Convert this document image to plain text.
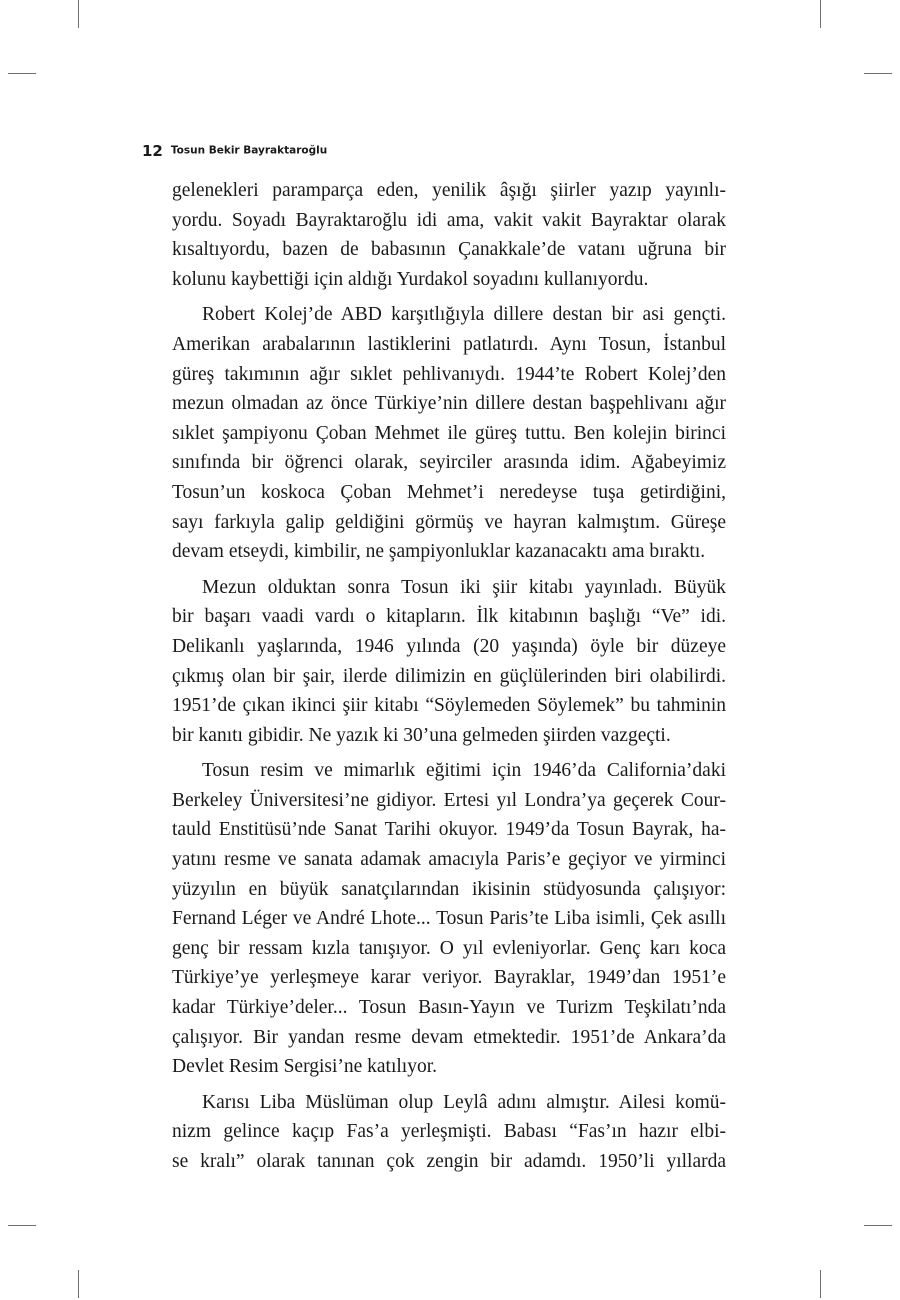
12 Tosun Bekir Bayraktaroğlu
gelenekleri paramparça eden, yenilik âşığı şiirler yazıp yayınlı-
yordu. Soyadı Bayraktaroğlu idi ama, vakit vakit Bayraktar olarak
kısaltıyordu, bazen de babasının Çanakkale’de vatanı uğruna bir
kolunu kaybettiği için aldığı Yurdakol soyadını kullanıyordu.
Robert Kolej’de ABD karşıtlığıyla dillere destan bir asi gençti.
Amerikan arabalarının lastiklerini patlatırdı. Aynı Tosun, İstanbul
güreş takımının ağır sıklet pehlivanıydı. 1944’te Robert Kolej’den
mezun olmadan az önce Türkiye’nin dillere destan başpehlivanı ağır
sıklet şampiyonu Çoban Mehmet ile güreş tuttu. Ben kolejin birinci
sınıfında bir öğrenci olarak, seyirciler arasında idim. Ağabeyimiz
Tosun’un koskoca Çoban Mehmet’i neredeyse tuşa getirdiğini,
sayı farkıyla galip geldiğini görmüş ve hayran kalmıştım. Güreşe
devam etseydi, kimbilir, ne şampiyonluklar kazanacaktı ama bıraktı.
Mezun olduktan sonra Tosun iki şiir kitabı yayınladı. Büyük
bir başarı vaadi vardı o kitapların. İlk kitabının başlığı “Ve” idi.
Delikanlı yaşlarında, 1946 yılında (20 yaşında) öyle bir düzeye
çıkmış olan bir şair, ilerde dilimizin en güçlülerinden biri olabilirdi.
1951’de çıkan ikinci şiir kitabı “Söylemeden Söylemek” bu tahminin
bir kanıtı gibidir. Ne yazık ki 30’una gelmeden şiirden vazgeçti.
Tosun resim ve mimarlık eğitimi için 1946’da California’daki
Berkeley Üniversitesi’ne gidiyor. Ertesi yıl Londra’ya geçerek Cour-
tauld Enstitüsü’nde Sanat Tarihi okuyor. 1949’da Tosun Bayrak, ha-
yatını resme ve sanata adamak amacıyla Paris’e geçiyor ve yirminci
yüzyılın en büyük sanatçılarından ikisinin stüdyosunda çalışıyor:
Fernand Léger ve André Lhote... Tosun Paris’te Liba isimli, Çek asıllı
genç bir ressam kızla tanışıyor. O yıl evleniyorlar. Genç karı koca
Türkiye’ye yerleşmeye karar veriyor. Bayraklar, 1949’dan 1951’e
kadar Türkiye’deler... Tosun Basın-Yayın ve Turizm Teşkilatı’nda
çalışıyor. Bir yandan resme devam etmektedir. 1951’de Ankara’da
Devlet Resim Sergisi’ne katılıyor.
Karısı Liba Müslüman olup Leylâ adını almıştır. Ailesi komü-
nizm gelince kaçıp Fas’a yerleşmişti. Babası “Fas’ın hazır elbi-
se kralı” olarak tanınan çok zengin bir adamdı. 1950’li yıllarda
